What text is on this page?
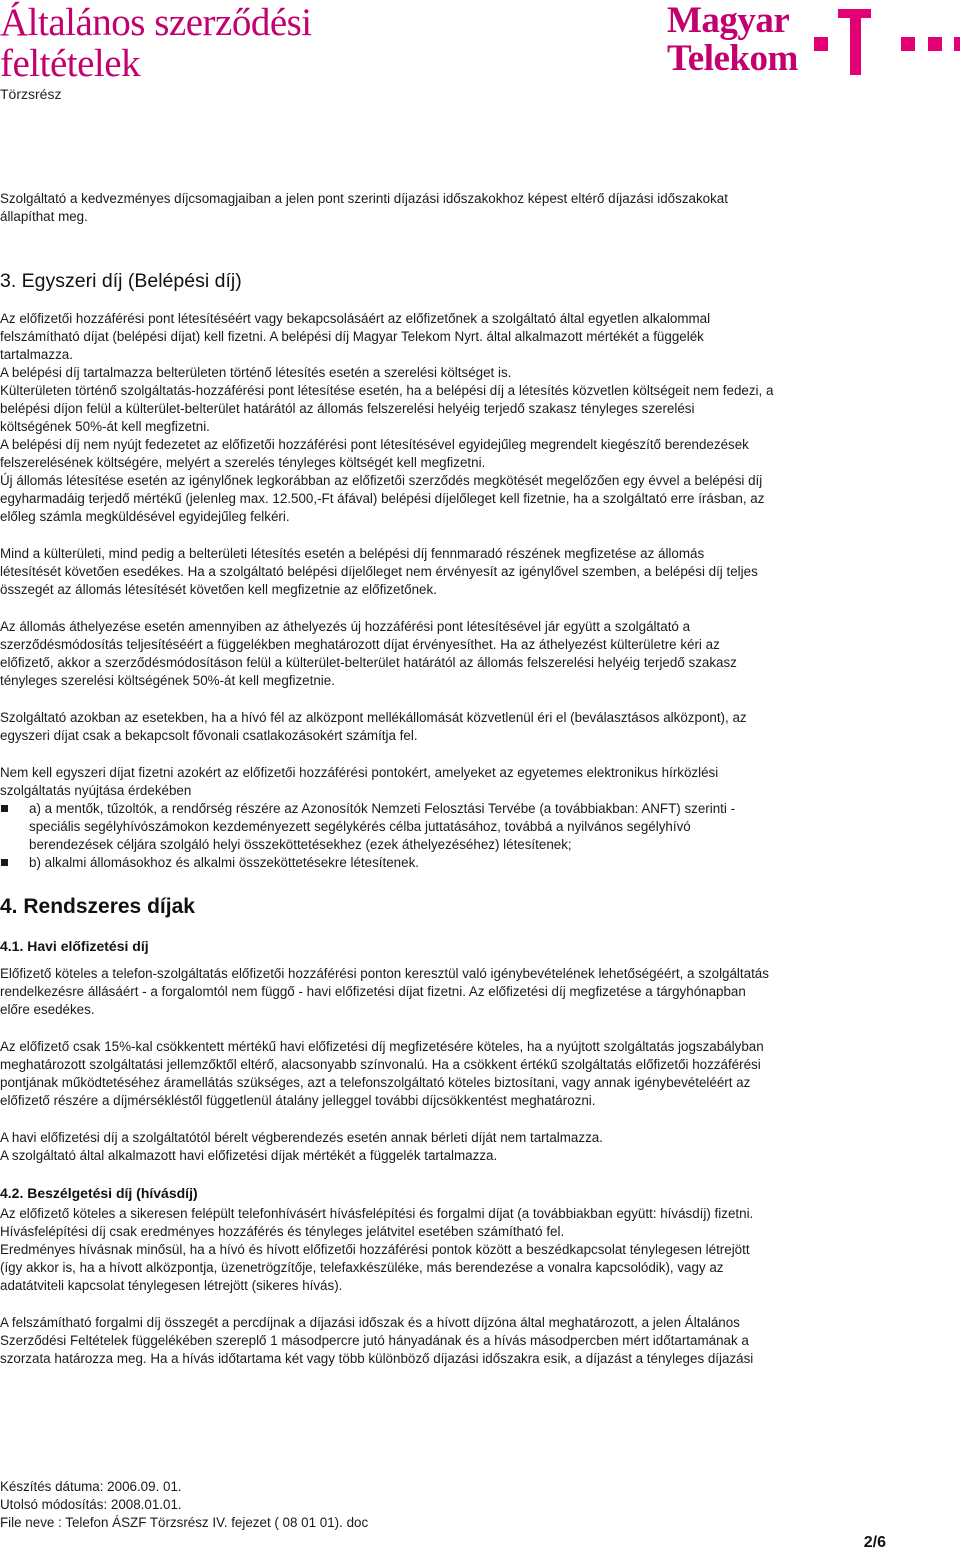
Általános szerződési
feltételek
Törzsrész
Magyar
Telekom

Szolgáltató a kedvezményes díjcsomagjaiban a jelen pont szerinti díjazási időszakokhoz képest eltérő díjazási időszakokat
állapíthat meg.

3. Egyszeri díj (Belépési díj)

Az előfizetői hozzáférési pont létesítéséért vagy bekapcsolásáért az előfizetőnek a szolgáltató által egyetlen alkalommal
felszámítható díjat (belépési díjat) kell fizetni. A belépési díj Magyar Telekom Nyrt. által alkalmazott mértékét a függelék
tartalmazza.
A belépési díj tartalmazza belterületen történő létesítés esetén a szerelési költséget is.
Külterületen történő szolgáltatás-hozzáférési pont létesítése esetén, ha a belépési díj a létesítés közvetlen költségeit nem fedezi, a
belépési díjon felül a külterület-belterület határától az állomás felszerelési helyéig terjedő szakasz tényleges szerelési
költségének 50%-át kell megfizetni.
A belépési díj nem nyújt fedezetet az előfizetői hozzáférési pont létesítésével egyidejűleg megrendelt kiegészítő berendezések
felszerelésének költségére, melyért a szerelés tényleges költségét kell megfizetni.
Új állomás létesítése esetén az igénylőnek legkorábban az előfizetői szerződés megkötését megelőzően egy évvel a belépési díj
egyharmadáig terjedő mértékű (jelenleg max. 12.500,-Ft áfával) belépési díjelőleget kell fizetnie, ha a szolgáltató erre írásban, az
előleg számla megküldésével egyidejűleg felkéri.

Mind a külterületi, mind pedig a belterületi létesítés esetén a belépési díj fennmaradó részének megfizetése az állomás
létesítését követően esedékes. Ha a szolgáltató belépési díjelőleget nem érvényesít az igénylővel szemben, a belépési díj teljes
összegét az állomás létesítését követően kell megfizetnie az előfizetőnek.

Az állomás áthelyezése esetén amennyiben az áthelyezés új hozzáférési pont létesítésével jár együtt a szolgáltató a
szerződésmódosítás teljesítéséért a függelékben meghatározott díjat érvényesíthet. Ha az áthelyezést külterületre kéri az
előfizető, akkor a szerződésmódosításon felül a külterület-belterület határától az állomás felszerelési helyéig terjedő szakasz
tényleges szerelési költségének 50%-át kell megfizetnie.

Szolgáltató azokban az esetekben, ha a hívó fél az alközpont mellékállomását közvetlenül éri el (beválasztásos alközpont), az
egyszeri díjat csak a bekapcsolt fővonali csatlakozásokért számítja fel.

Nem kell egyszeri díjat fizetni azokért az előfizetői hozzáférési pontokért, amelyeket az egyetemes elektronikus hírközlési
szolgáltatás nyújtása érdekében

a) a mentők, tűzoltók, a rendőrség részére az Azonosítók Nemzeti Felosztási Tervébe (a továbbiakban: ANFT) szerinti -
speciális segélyhívószámokon kezdeményezett segélykérés célba juttatásához, továbbá a nyilvános segélyhívó
berendezések céljára szolgáló helyi összeköttetésekhez (ezek áthelyezéséhez) létesítenek;
b) alkalmi állomásokhoz és alkalmi összeköttetésekre létesítenek.
4. Rendszeres díjak
4.1. Havi előfizetési díj

Előfizető köteles a telefon-szolgáltatás előfizetői hozzáférési ponton keresztül való igénybevételének lehetőségéért, a szolgáltatás
rendelkezésre állásáért - a forgalomtól nem függő - havi előfizetési díjat fizetni. Az előfizetési díj megfizetése a tárgyhónapban
előre esedékes.

Az előfizető csak 15%-kal csökkentett mértékű havi előfizetési díj megfizetésére köteles, ha a nyújtott szolgáltatás jogszabályban
meghatározott szolgáltatási jellemzőktől eltérő, alacsonyabb színvonalú. Ha a csökkent értékű szolgáltatás előfizetői hozzáférési
pontjának működtetéséhez áramellátás szükséges, azt a telefonszolgáltató köteles biztosítani, vagy annak igénybevételéért az
előfizető részére a díjmérsékléstől függetlenül átalány jelleggel további díjcsökkentést meghatározni.

A havi előfizetési díj a szolgáltatótól bérelt végberendezés esetén annak bérleti díját nem tartalmazza.
A szolgáltató által alkalmazott havi előfizetési díjak mértékét a függelék tartalmazza.

4.2. Beszélgetési díj (hívásdíj)

Az előfizető köteles a sikeresen felépült telefonhívásért hívásfelépítési és forgalmi díjat (a továbbiakban együtt: hívásdíj) fizetni.
Hívásfelépítési díj csak eredményes hozzáférés és tényleges jelátvitel esetében számítható fel.
Eredményes hívásnak minősül, ha a hívó és hívott előfizetői hozzáférési pontok között a beszédkapcsolat ténylegesen létrejött
(így akkor is, ha a hívott alközpontja, üzenetrögzítője, telefaxkészüléke, más berendezése a vonalra kapcsolódik), vagy az
adatátviteli kapcsolat ténylegesen létrejött (sikeres hívás).

A felszámítható forgalmi díj összegét a percdíjnak a díjazási időszak és a hívott díjzóna által meghatározott, a jelen Általános
Szerződési Feltételek függelékében szereplő 1 másodpercre jutó hányadának és a hívás másodpercben mért időtartamának a
szorzata határozza meg. Ha a hívás időtartama két vagy több különböző díjazási időszakra esik, a díjazást a tényleges díjazási

Készítés dátuma: 2006.09. 01.
Utolsó módosítás: 2008.01.01.
File neve : Telefon ÁSZF Törzsrész IV. fejezet ( 08 01 01). doc
2/6
